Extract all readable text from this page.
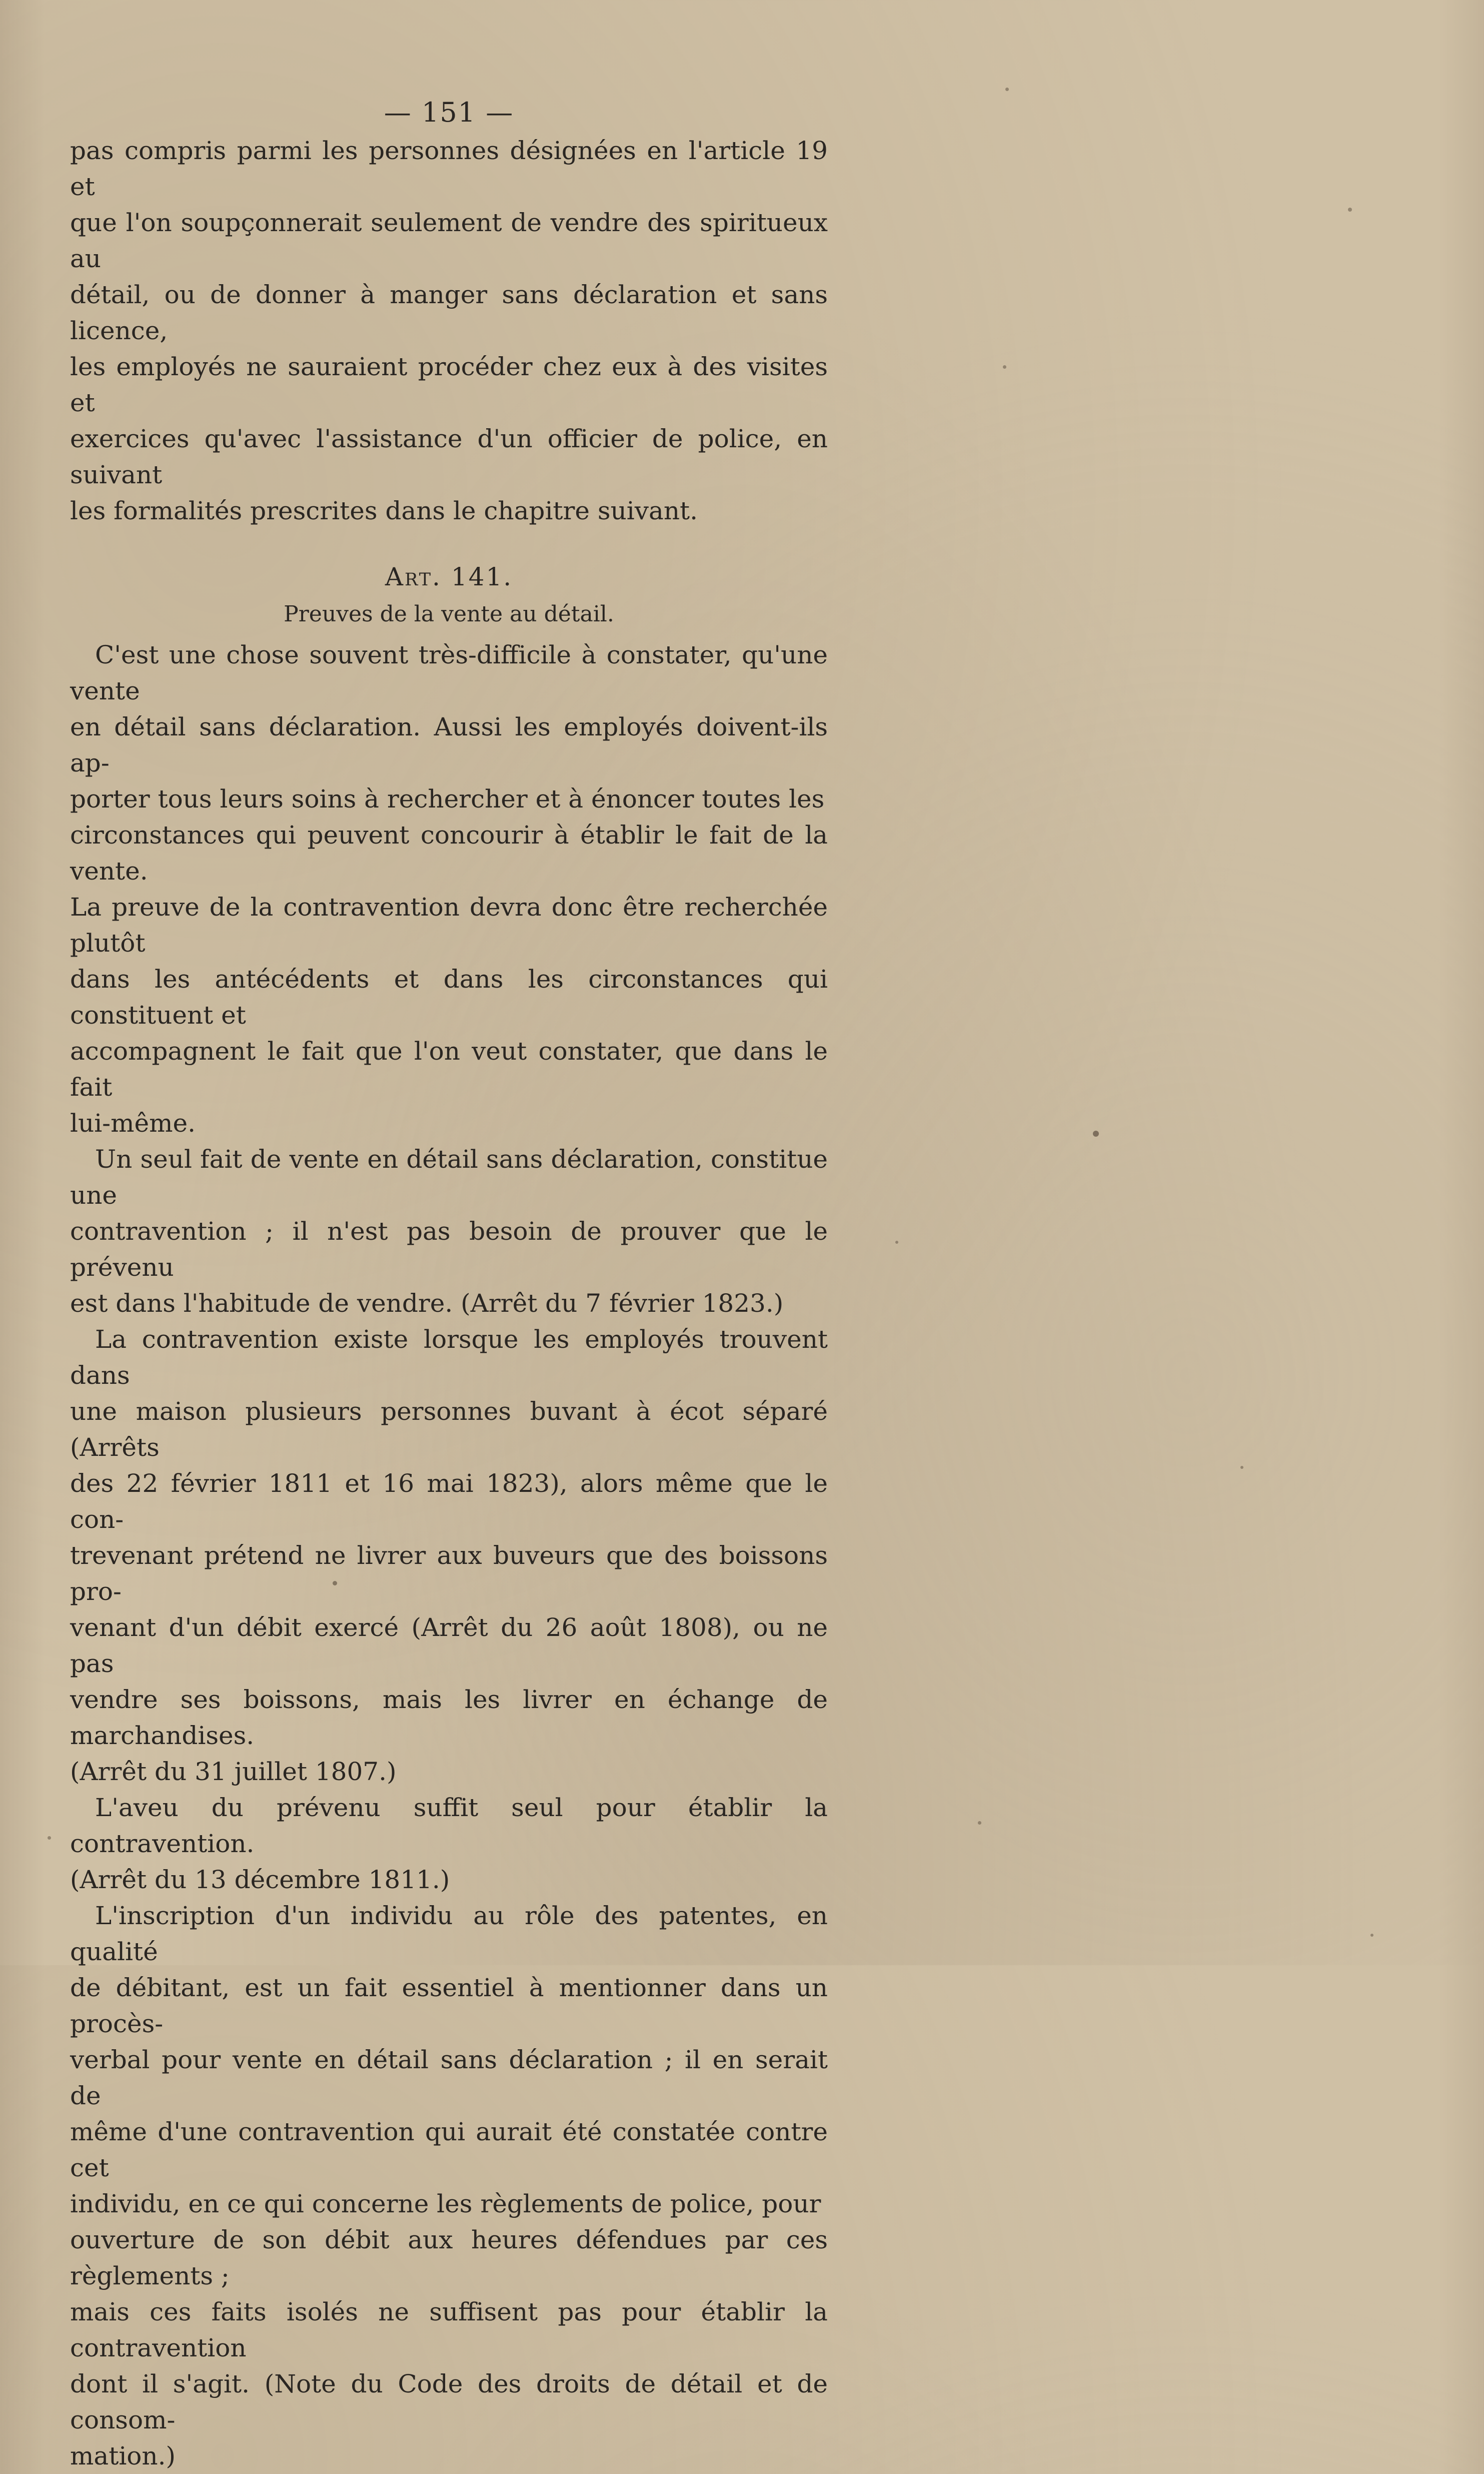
— 151 —

pas compris parmi les personnes désignées en l'article 19 et
que l'on soupçonnerait seulement de vendre des spiritueux au
détail, ou de donner à manger sans déclaration et sans licence,
les employés ne sauraient procéder chez eux à des visites et
exercices qu'avec l'assistance d'un officier de police, en suivant
les formalités prescrites dans le chapitre suivant.

Art. 141.
Preuves de la vente au détail.

C'est une chose souvent très-difficile à constater, qu'une vente
en détail sans déclaration. Aussi les employés doivent-ils ap-
porter tous leurs soins à rechercher et à énoncer toutes les
circonstances qui peuvent concourir à établir le fait de la vente.
La preuve de la contravention devra donc être recherchée plutôt
dans les antécédents et dans les circonstances qui constituent et
accompagnent le fait que l'on veut constater, que dans le fait
lui-même.

Un seul fait de vente en détail sans déclaration, constitue une
contravention ; il n'est pas besoin de prouver que le prévenu
est dans l'habitude de vendre. (Arrêt du 7 février 1823.)

La contravention existe lorsque les employés trouvent dans
une maison plusieurs personnes buvant à écot séparé (Arrêts
des 22 février 1811 et 16 mai 1823), alors même que le con-
trevenant prétend ne livrer aux buveurs que des boissons pro-
venant d'un débit exercé (Arrêt du 26 août 1808), ou ne pas
vendre ses boissons, mais les livrer en échange de marchandises.
(Arrêt du 31 juillet 1807.)

L'aveu du prévenu suffit seul pour établir la contravention.
(Arrêt du 13 décembre 1811.)

L'inscription d'un individu au rôle des patentes, en qualité
de débitant, est un fait essentiel à mentionner dans un procès-
verbal pour vente en détail sans déclaration ; il en serait de
même d'une contravention qui aurait été constatée contre cet
individu, en ce qui concerne les règlements de police, pour
ouverture de son débit aux heures défendues par ces règlements ;
mais ces faits isolés ne suffisent pas pour établir la contravention
dont il s'agit. (Note du Code des droits de détail et de consom-
mation.)
